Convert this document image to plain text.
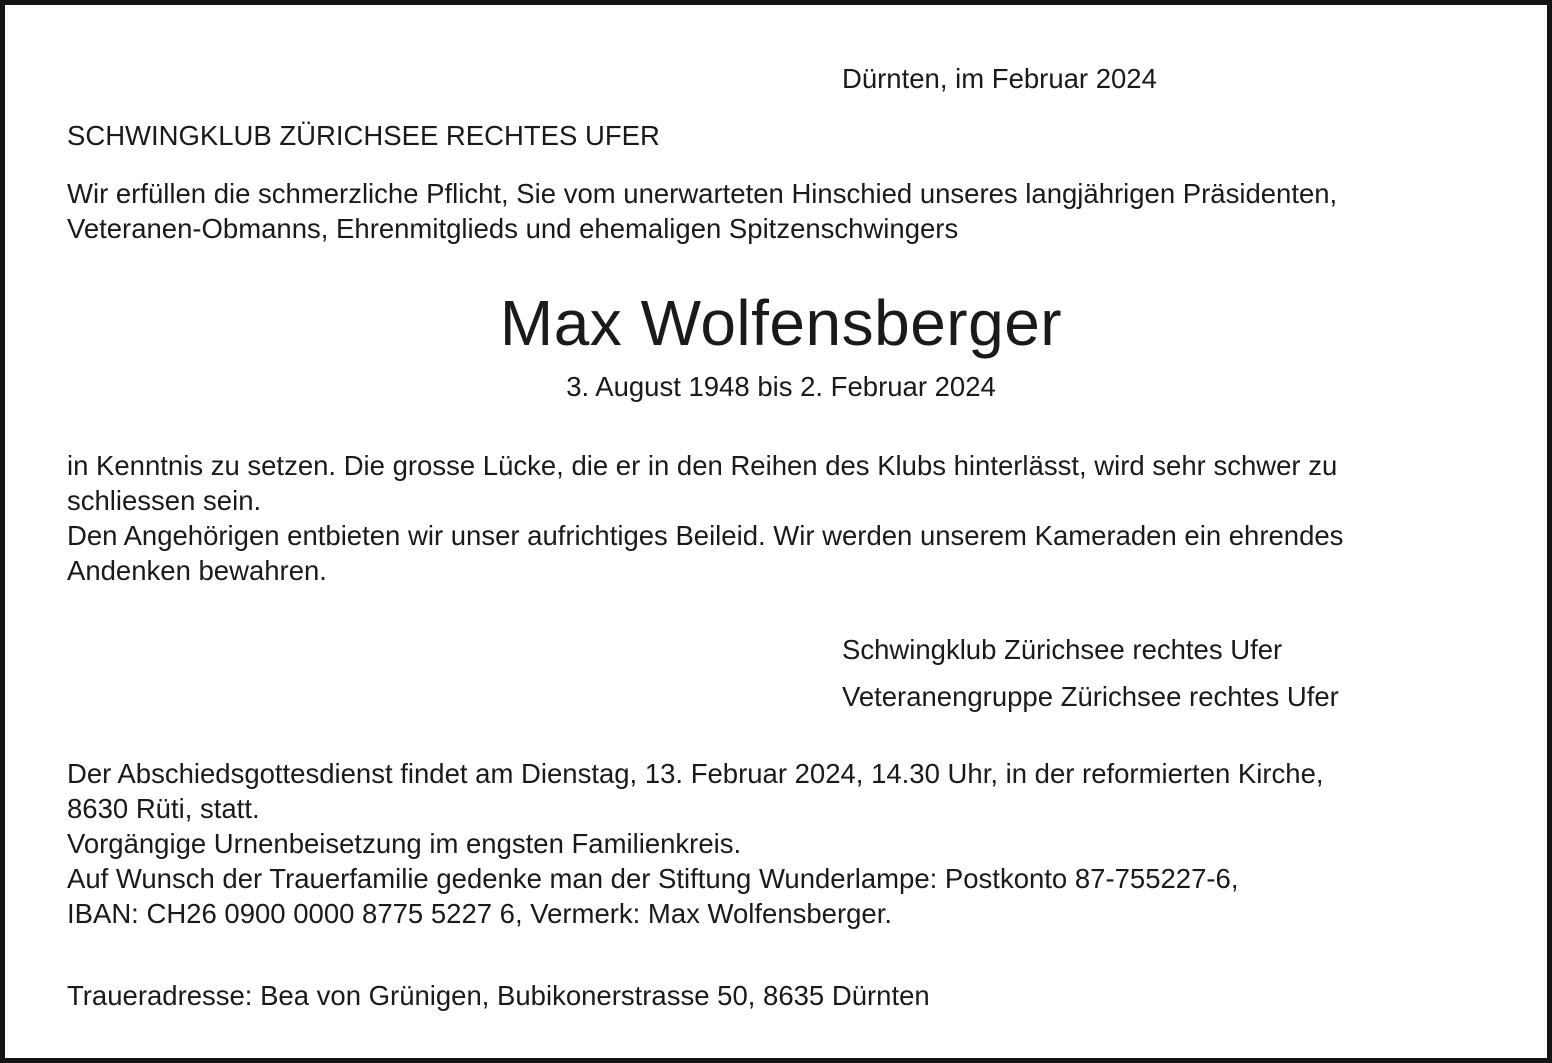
Dürnten, im Februar 2024

SCHWINGKLUB ZÜRICHSEE RECHTES UFER

Wir erfüllen die schmerzliche Pflicht, Sie vom unerwarteten Hinschied unseres langjährigen Präsidenten,
Veteranen-Obmanns, Ehrenmitglieds und ehemaligen Spitzenschwingers
Max Wolfensberger

3. August 1948 bis 2. Februar 2024

in Kenntnis zu setzen. Die grosse Lücke, die er in den Reihen des Klubs hinterlässt, wird sehr schwer zu
schliessen sein.
Den Angehörigen entbieten wir unser aufrichtiges Beileid. Wir werden unserem Kameraden ein ehrendes
Andenken bewahren.

Schwingklub Zürichsee rechtes Ufer

Veteranengruppe Zürichsee rechtes Ufer

Der Abschiedsgottesdienst findet am Dienstag, 13. Februar 2024, 14.30 Uhr, in der reformierten Kirche,
8630 Rüti, statt.
Vorgängige Urnenbeisetzung im engsten Familienkreis.
Auf Wunsch der Trauerfamilie gedenke man der Stiftung Wunderlampe: Postkonto 87-755227-6,
IBAN: CH26 0900 0000 8775 5227 6, Vermerk: Max Wolfensberger.

Traueradresse: Bea von Grünigen, Bubikonerstrasse 50, 8635 Dürnten
